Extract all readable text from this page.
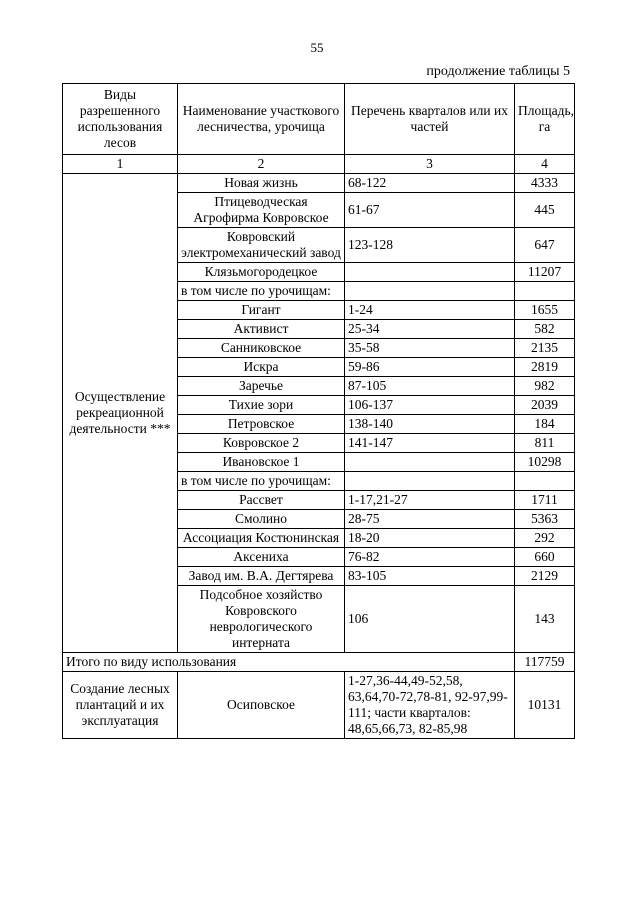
55
продолжение таблицы 5
Виды разрешенного использования лесов	Наименование участкового лесничества, урочища	Перечень кварталов или их частей	Площадь, га
1	2	3	4
Осуществление рекреационной деятельности ***	Новая жизнь	68-122	4333
	Птицеводческая Агрофирма Ковровское	61-67	445
	Ковровский электромеханический завод	123-128	647
	Клязьмогородецкое		11207
	в том числе по урочищам:		
	Гигант	1-24	1655
	Активист	25-34	582
	Санниковское	35-58	2135
	Искра	59-86	2819
	Заречье	87-105	982
	Тихие зори	106-137	2039
	Петровское	138-140	184
	Ковровское 2	141-147	811
	Ивановское 1		10298
	в том числе по урочищам:		
	Рассвет	1-17,21-27	1711
	Смолино	28-75	5363
	Ассоциация Костюнинская	18-20	292
	Аксениха	76-82	660
	Завод им. В.А. Дегтярева	83-105	2129
	Подсобное хозяйство Ковровского неврологического интерната	106	143
Итого по виду использования			117759
Создание лесных плантаций и их эксплуатация	Осиповское	1-27,36-44,49-52,58, 63,64,70-72,78-81, 92-97,99-111; части кварталов: 48,65,66,73, 82-85,98	10131
